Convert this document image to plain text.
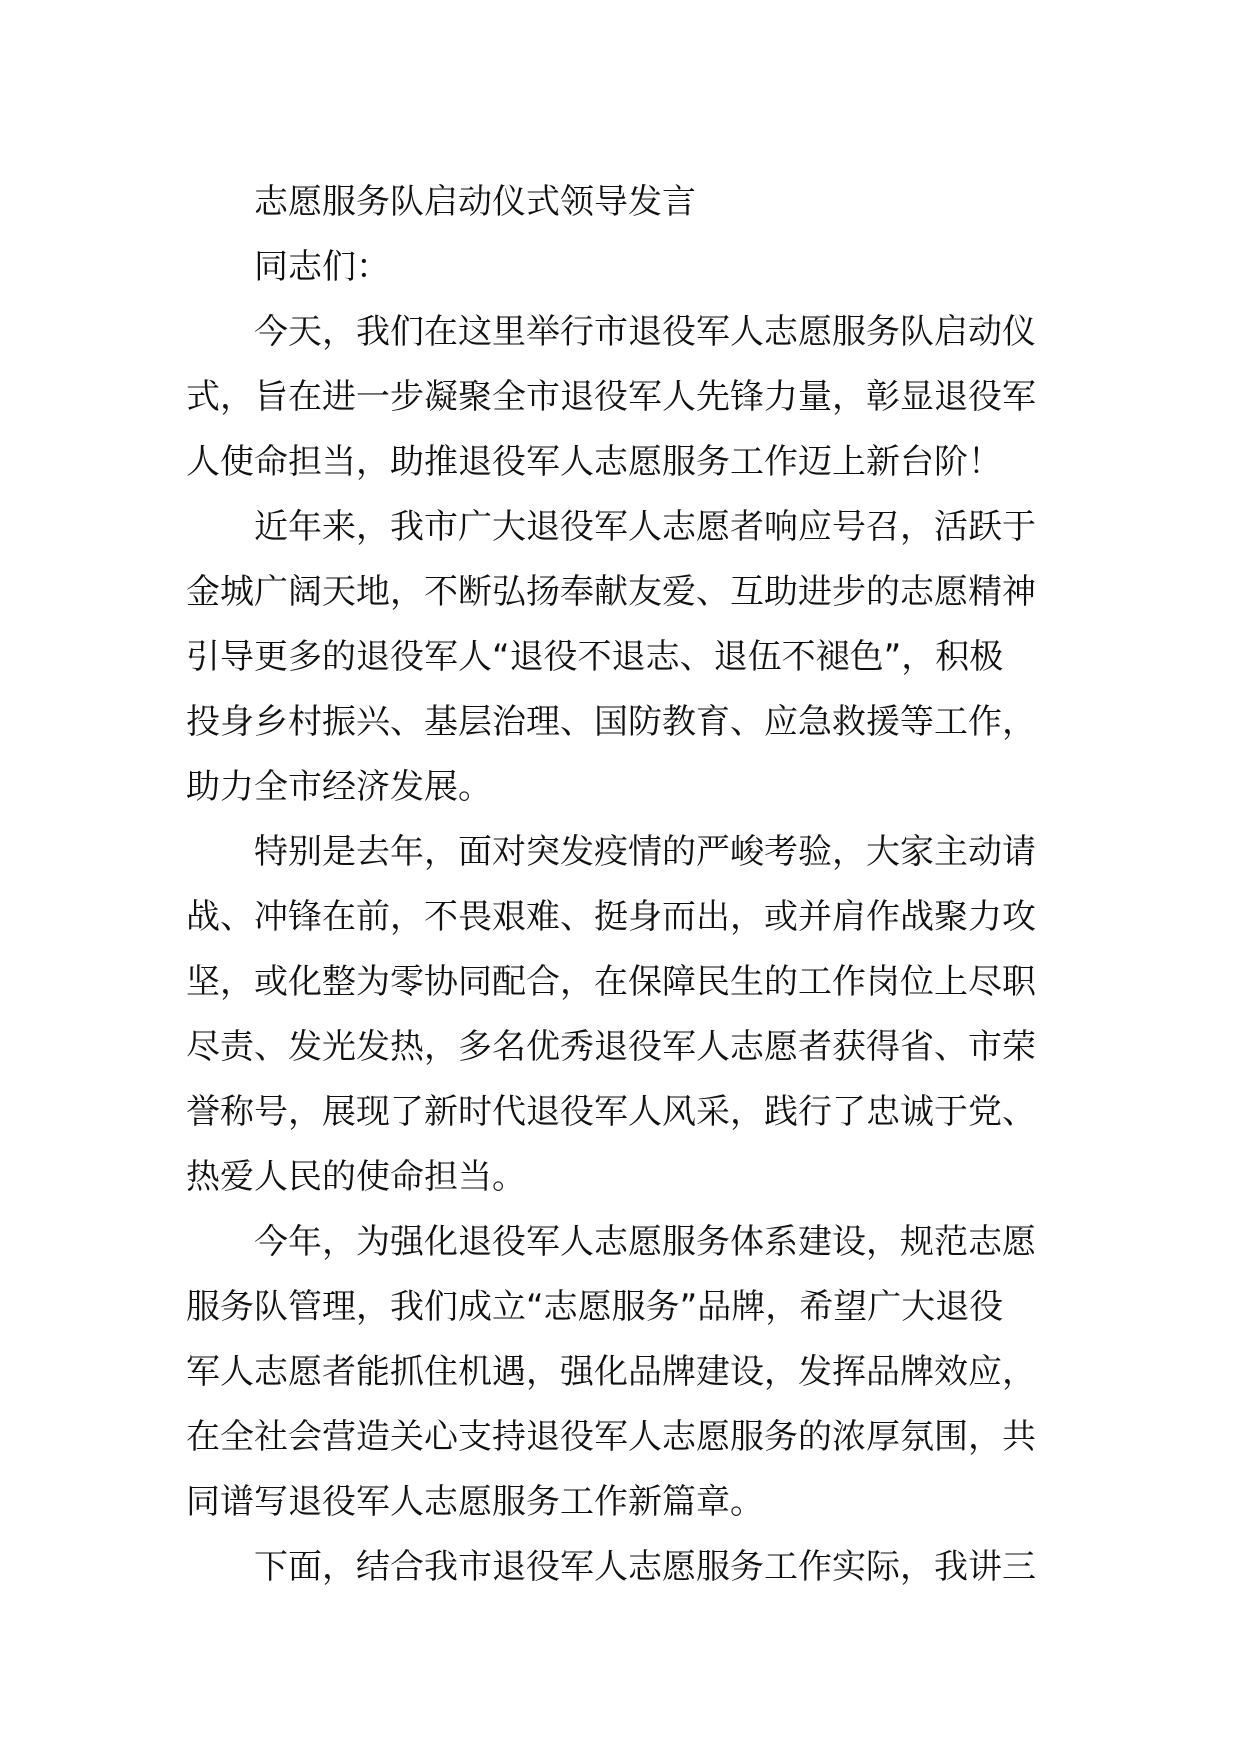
志愿服务队启动仪式领导发言
同志们：
今天，我们在这里举行市退役军人志愿服务队启动仪
式，旨在进一步凝聚全市退役军人先锋力量，彰显退役军
人使命担当，助推退役军人志愿服务工作迈上新台阶！
近年来，我市广大退役军人志愿者响应号召，活跃于
金城广阔天地，不断弘扬奉献友爱、互助进步的志愿精神
引导更多的退役军人“退役不退志、退伍不褪色”，积极
投身乡村振兴、基层治理、国防教育、应急救援等工作，
助力全市经济发展。
特别是去年，面对突发疫情的严峻考验，大家主动请
战、冲锋在前，不畏艰难、挺身而出，或并肩作战聚力攻
坚，或化整为零协同配合，在保障民生的工作岗位上尽职
尽责、发光发热，多名优秀退役军人志愿者获得省、市荣
誉称号，展现了新时代退役军人风采，践行了忠诚于党、
热爱人民的使命担当。
今年，为强化退役军人志愿服务体系建设，规范志愿
服务队管理，我们成立“志愿服务”品牌，希望广大退役
军人志愿者能抓住机遇，强化品牌建设，发挥品牌效应，
在全社会营造关心支持退役军人志愿服务的浓厚氛围，共
同谱写退役军人志愿服务工作新篇章。
下面，结合我市退役军人志愿服务工作实际，我讲三
